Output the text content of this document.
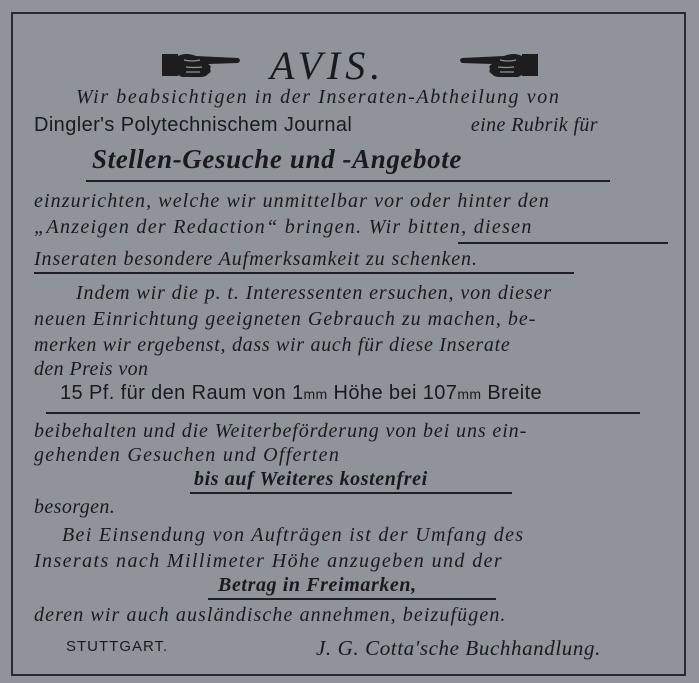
AVIS.
Wir beabsichtigen in der Inseraten-Abtheilung von
Dingler's Polytechnischem Journal	eine Rubrik für
Stellen-Gesuche und -Angebote
einzurichten, welche wir unmittelbar vor oder hinter den
„Anzeigen der Redaction“ bringen. Wir bitten, diesen
Inseraten besondere Aufmerksamkeit zu schenken.
Indem wir die p. t. Interessenten ersuchen, von dieser
neuen Einrichtung geeigneten Gebrauch zu machen, be-
merken wir ergebenst, dass wir auch für diese Inserate
den Preis von
15 Pf. für den Raum von 1mm Höhe bei 107mm Breite
beibehalten und die Weiterbeförderung von bei uns ein-
gehenden Gesuchen und Offerten
bis auf Weiteres kostenfrei
besorgen.
Bei Einsendung von Aufträgen ist der Umfang des
Inserats nach Millimeter Höhe anzugeben und der
Betrag in Freimarken,
deren wir auch ausländische annehmen, beizufügen.
STUTTGART.	J. G. Cotta'sche Buchhandlung.
